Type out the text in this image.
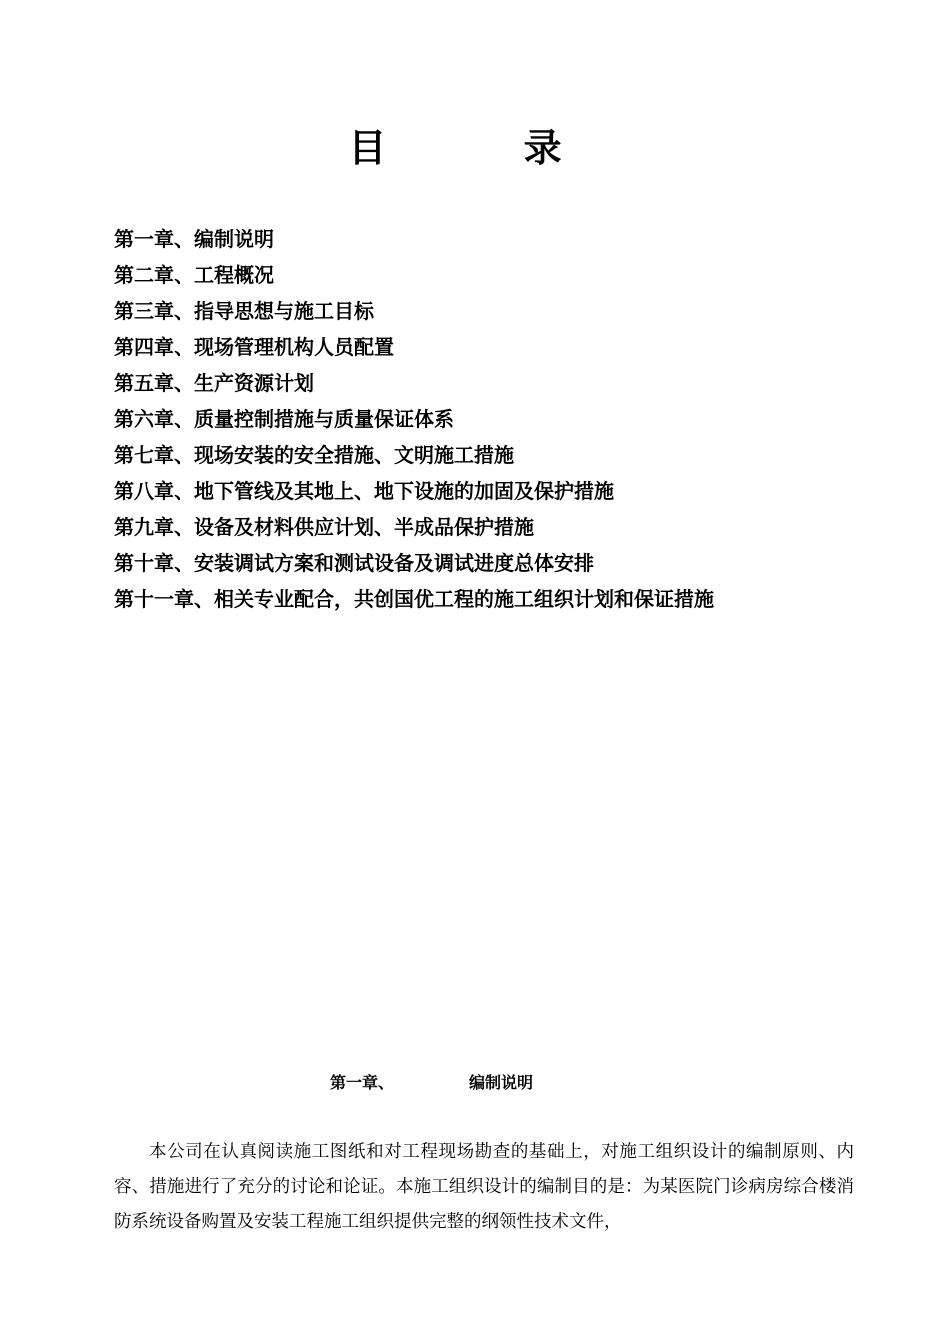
目 录
第一章、编制说明
第二章、工程概况
第三章、指导思想与施工目标
第四章、现场管理机构人员配置
第五章、生产资源计划
第六章、质量控制措施与质量保证体系
第七章、现场安装的安全措施、文明施工措施
第八章、地下管线及其地上、地下设施的加固及保护措施
第九章、设备及材料供应计划、半成品保护措施
第十章、安装调试方案和测试设备及调试进度总体安排
第十一章、相关专业配合，共创国优工程的施工组织计划和保证措施
第一章、	编制说明

本公司在认真阅读施工图纸和对工程现场勘查的基础上，对施工组织设计的编制原则、内容、措施进行了充分的讨论和论证。本施工组织设计的编制目的是：为某医院门诊病房综合楼消防系统设备购置及安装工程施工组织提供完整的纲领性技术文件，
